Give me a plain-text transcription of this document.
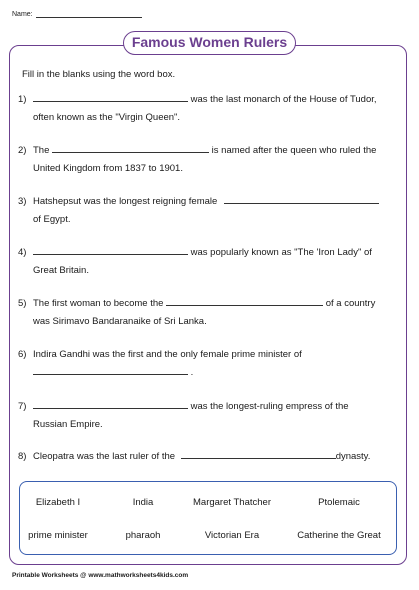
Name:
Famous Women Rulers
Fill in the blanks using the word box.
1)	was the last monarch of the House of Tudor,
often known as the "Virgin Queen".
2) The	is named after the queen who ruled the
United Kingdom from 1837 to 1901.
3) Hatshepsut was the longest reigning female
of Egypt.
4)	was popularly known as "The 'Iron Lady" of
Great Britain.
5) The first woman to become the	of a country
was Sirimavo Bandaranaike of Sri Lanka.
6) Indira Gandhi was the first and the only female prime minister of
.
7)	was the longest-ruling empress of the
Russian Empire.
8) Cleopatra was the last ruler of the	dynasty.
Elizabeth I	India	Margaret Thatcher	Ptolemaic
prime minister	pharaoh	Victorian Era	Catherine the Great
Printable Worksheets @ www.mathworksheets4kids.com
